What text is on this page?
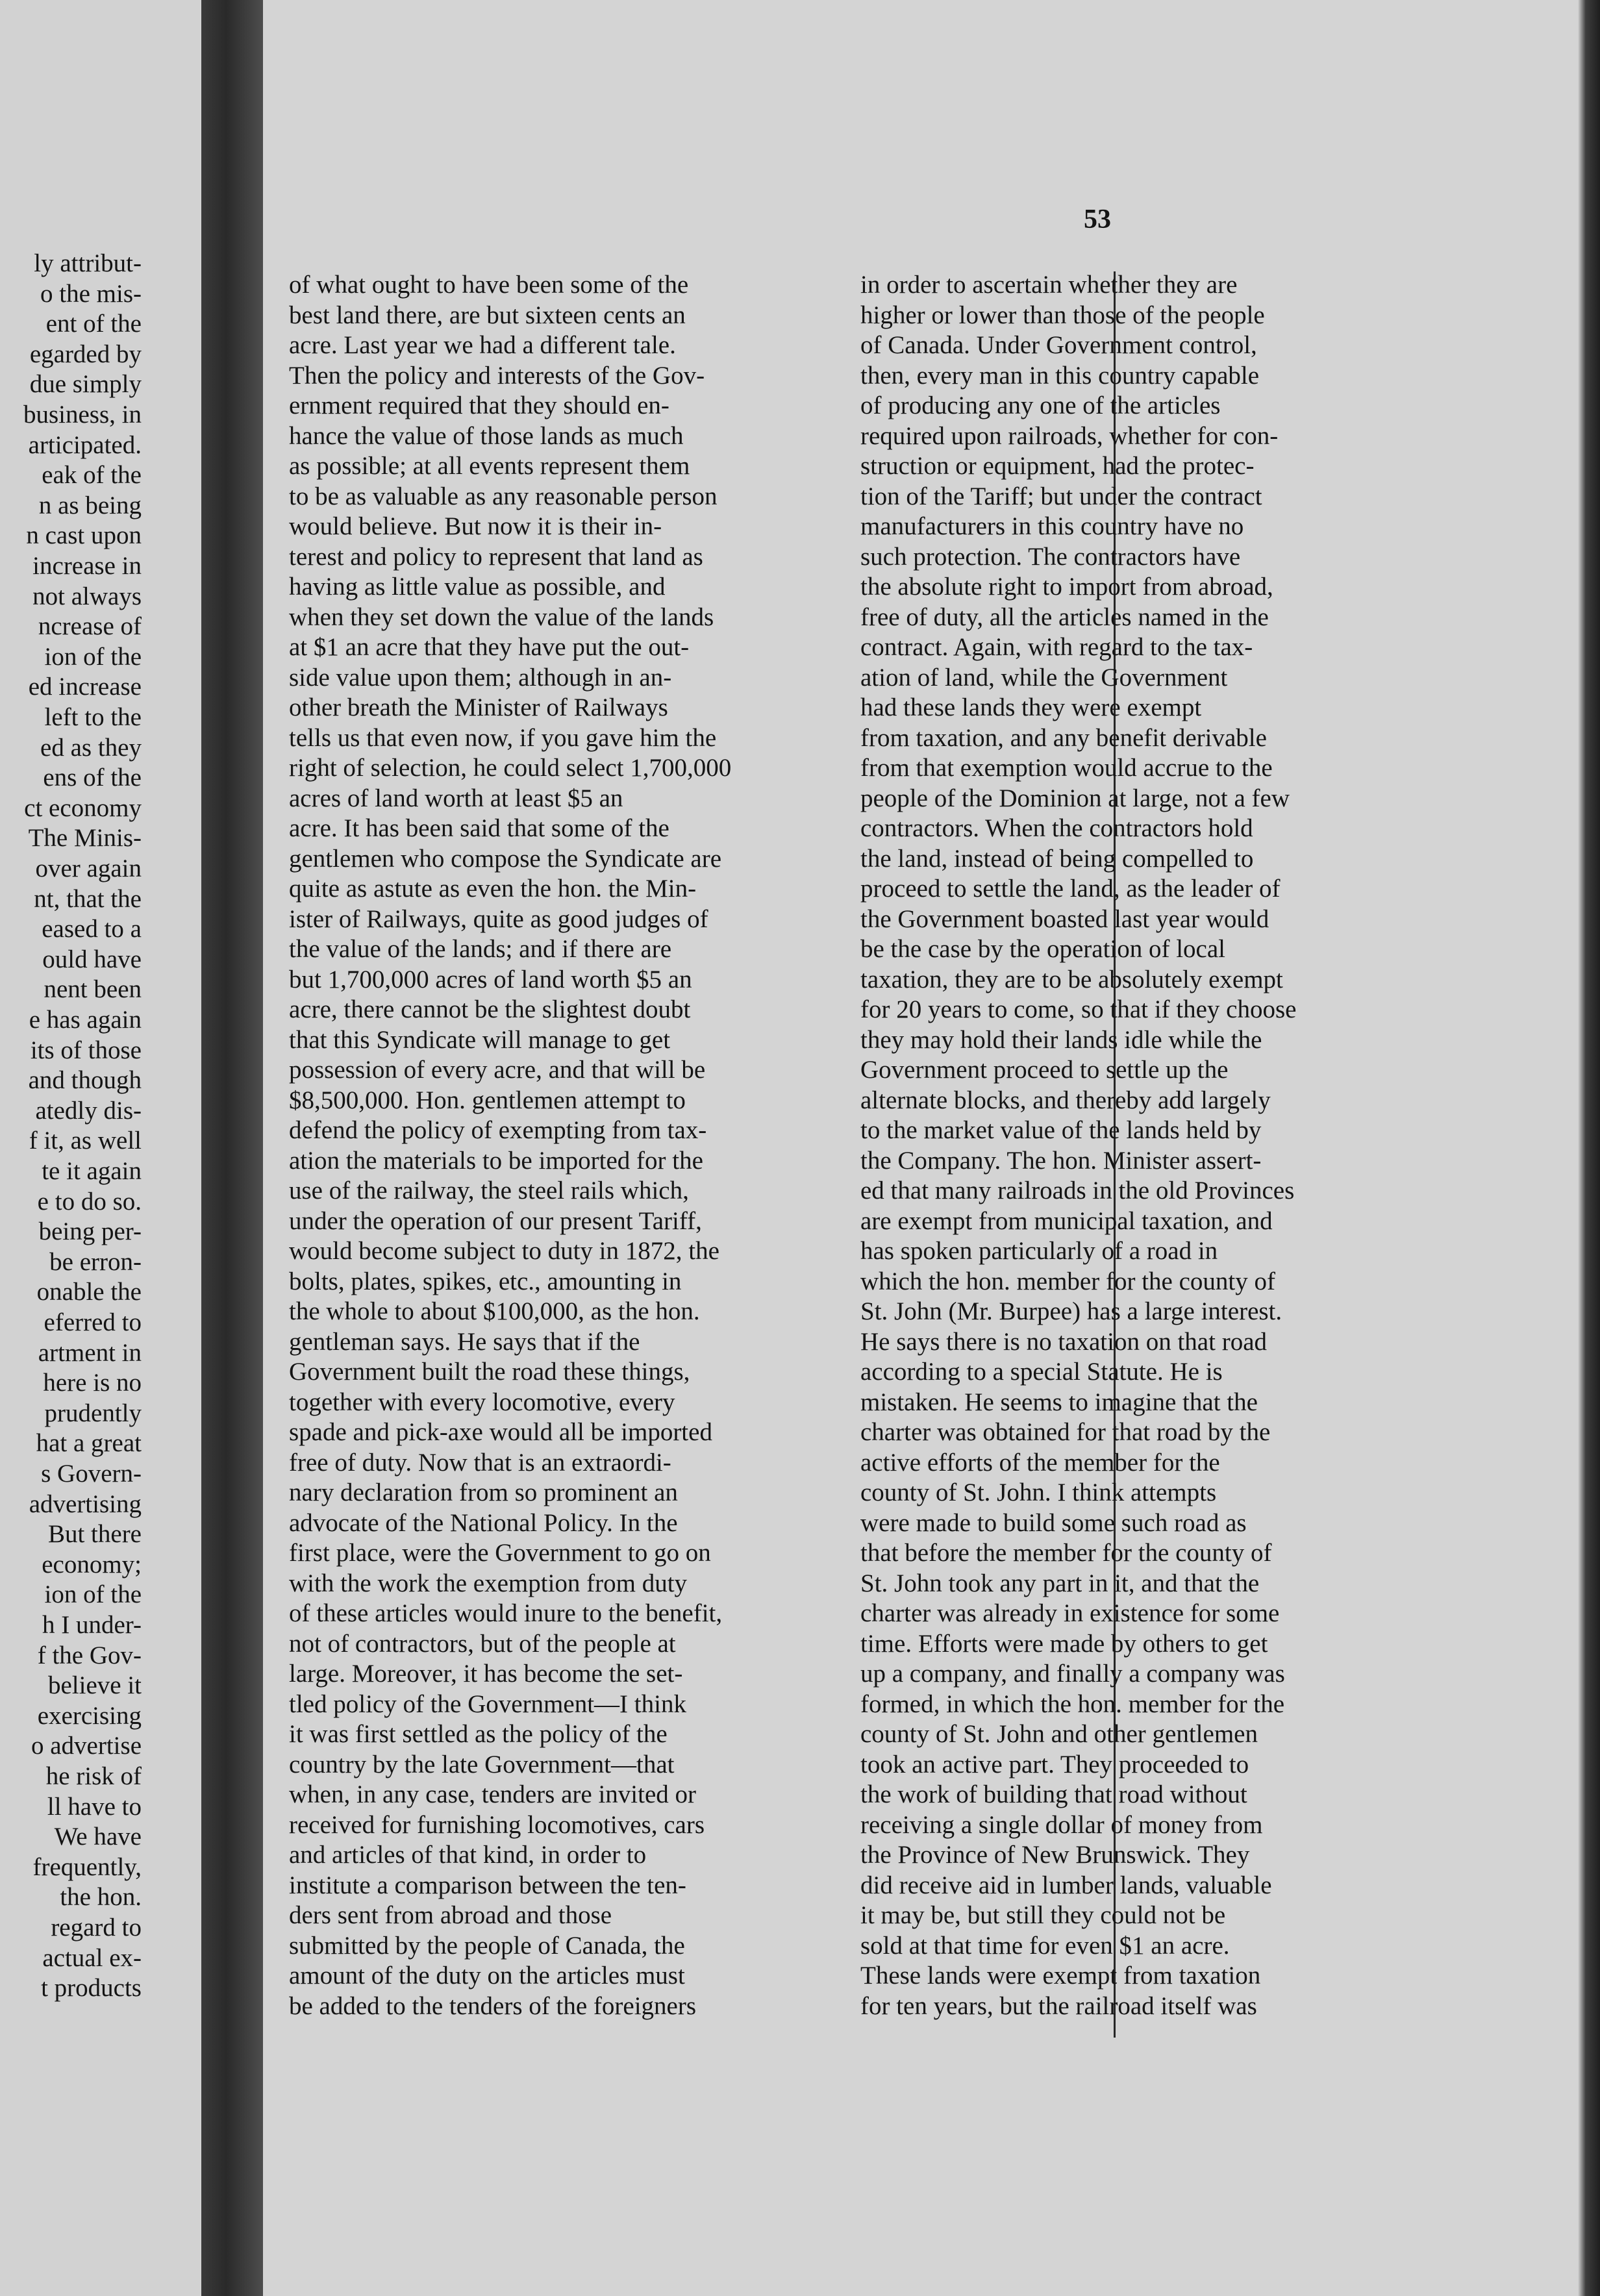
ly attribut-
o the mis-
ent of the
egarded by
due simply
business, in
articipated.
eak of the
n as being
n cast upon
increase in
not always
ncrease of
ion of the
ed increase
left to the
ed as they
ens of the
ct economy
The Minis-
over again
nt, that the
eased to a
ould have
nent been
e has again
its of those
and though
atedly dis-
f it, as well
te it again
e to do so.
being per-
be erron-
onable the
eferred to
artment in
here is no
prudently
hat a great
s Govern-
advertising
But there
economy;
ion of the
h I under-
f the Gov-
believe it
exercising
o advertise
he risk of
ll have to
We have
frequently,
the hon.
regard to
actual ex-
t products
53
of what ought to have been some of the
best land there, are but sixteen cents an
acre. Last year we had a different tale.
Then the policy and interests of the Gov-
ernment required that they should en-
hance the value of those lands as much
as possible; at all events represent them
to be as valuable as any reasonable person
would believe. But now it is their in-
terest and policy to represent that land as
having as little value as possible, and
when they set down the value of the lands
at $1 an acre that they have put the out-
side value upon them; although in an-
other breath the Minister of Railways
tells us that even now, if you gave him the
right of selection, he could select 1,700,000
acres of land worth at least $5 an
acre. It has been said that some of the
gentlemen who compose the Syndicate are
quite as astute as even the hon. the Min-
ister of Railways, quite as good judges of
the value of the lands; and if there are
but 1,700,000 acres of land worth $5 an
acre, there cannot be the slightest doubt
that this Syndicate will manage to get
possession of every acre, and that will be
$8,500,000. Hon. gentlemen attempt to
defend the policy of exempting from tax-
ation the materials to be imported for the
use of the railway, the steel rails which,
under the operation of our present Tariff,
would become subject to duty in 1872, the
bolts, plates, spikes, etc., amounting in
the whole to about $100,000, as the hon.
gentleman says. He says that if the
Government built the road these things,
together with every locomotive, every
spade and pick-axe would all be imported
free of duty. Now that is an extraordi-
nary declaration from so prominent an
advocate of the National Policy. In the
first place, were the Government to go on
with the work the exemption from duty
of these articles would inure to the benefit,
not of contractors, but of the people at
large. Moreover, it has become the set-
tled policy of the Government—I think
it was first settled as the policy of the
country by the late Government—that
when, in any case, tenders are invited or
received for furnishing locomotives, cars
and articles of that kind, in order to
institute a comparison between the ten-
ders sent from abroad and those
submitted by the people of Canada, the
amount of the duty on the articles must
be added to the tenders of the foreigners
in order to ascertain whether they are
higher or lower than those of the people
of Canada. Under Government control,
then, every man in this country capable
of producing any one of the articles
required upon railroads, whether for con-
struction or equipment, had the protec-
tion of the Tariff; but under the contract
manufacturers in this country have no
such protection. The contractors have
the absolute right to import from abroad,
free of duty, all the articles named in the
contract. Again, with regard to the tax-
ation of land, while the Government
had these lands they were exempt
from taxation, and any benefit derivable
from that exemption would accrue to the
people of the Dominion at large, not a few
contractors. When the contractors hold
the land, instead of being compelled to
proceed to settle the land, as the leader of
the Government boasted last year would
be the case by the operation of local
taxation, they are to be absolutely exempt
for 20 years to come, so that if they choose
they may hold their lands idle while the
Government proceed to settle up the
alternate blocks, and thereby add largely
to the market value of the lands held by
the Company. The hon. Minister assert-
ed that many railroads in the old Provinces
are exempt from municipal taxation, and
has spoken particularly of a road in
which the hon. member for the county of
St. John (Mr. Burpee) has a large interest.
He says there is no taxation on that road
according to a special Statute. He is
mistaken. He seems to imagine that the
charter was obtained for that road by the
active efforts of the member for the
county of St. John. I think attempts
were made to build some such road as
that before the member for the county of
St. John took any part in it, and that the
charter was already in existence for some
time. Efforts were made by others to get
up a company, and finally a company was
formed, in which the hon. member for the
county of St. John and other gentlemen
took an active part. They proceeded to
the work of building that road without
receiving a single dollar of money from
the Province of New Brunswick. They
did receive aid in lumber lands, valuable
it may be, but still they could not be
sold at that time for even $1 an acre.
These lands were exempt from taxation
for ten years, but the railroad itself was
